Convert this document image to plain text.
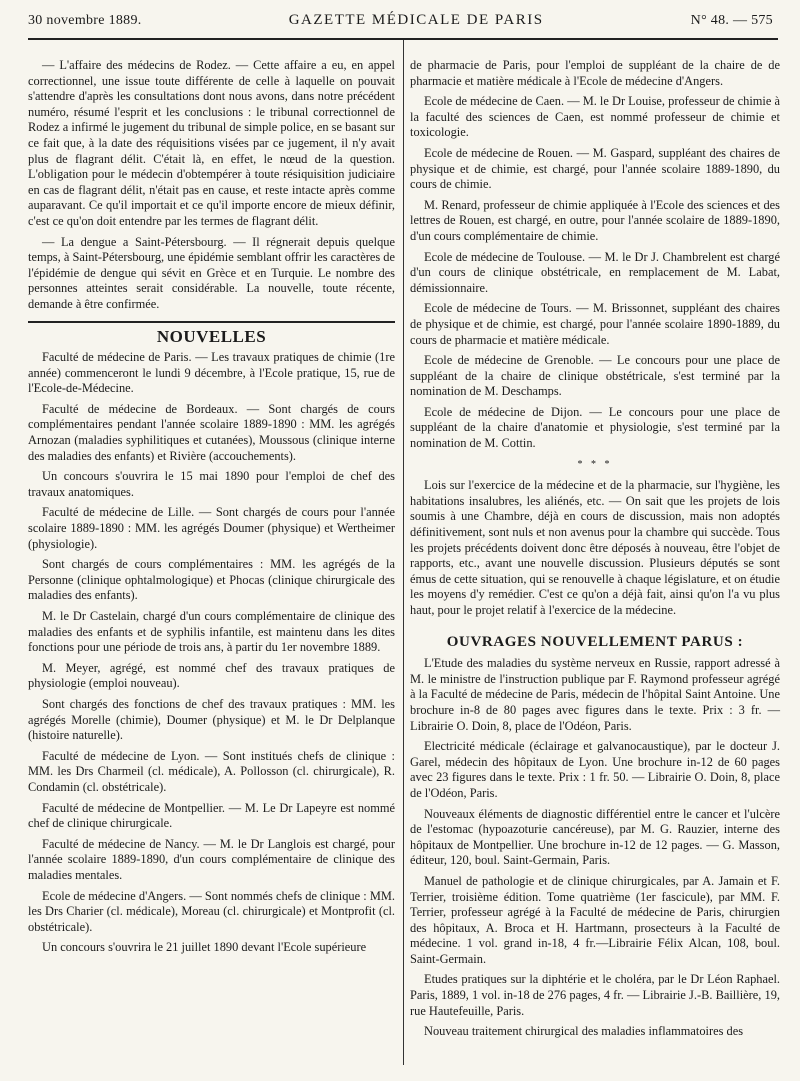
30 novembre 1889.	GAZETTE MÉDICALE DE PARIS	N° 48. — 575

— L'affaire des médecins de Rodez. — Cette affaire a eu, en appel correctionnel, une issue toute différente de celle à laquelle on pouvait s'attendre d'après les consultations dont nous avons, dans notre précédent numéro, résumé l'esprit et les conclusions : le tribunal correctionnel de Rodez a infirmé le jugement du tribunal de simple police, en se basant sur ce fait que, à la date des réquisitions visées par ce jugement, il n'y avait plus de flagrant délit. C'était là, en effet, le nœud de la question. L'obligation pour le médecin d'obtempérer à toute résiquisition judiciaire en cas de flagrant délit, n'était pas en cause, et reste intacte après comme auparavant. Ce qu'il importait et ce qu'il importe encore de mieux définir, c'est ce qu'on doit entendre par les termes de flagrant délit.

— La dengue a Saint-Pétersbourg. — Il régnerait depuis quelque temps, à Saint-Pétersbourg, une épidémie semblant offrir les caractères de l'épidémie de dengue qui sévit en Grèce et en Turquie. Le nombre des personnes atteintes serait considérable. La nouvelle, toute récente, demande à être confirmée.

NOUVELLES

Faculté de médecine de Paris. — Les travaux pratiques de chimie (1re année) commenceront le lundi 9 décembre, à l'Ecole pratique, 15, rue de l'Ecole-de-Médecine.

Faculté de médecine de Bordeaux. — Sont chargés de cours complémentaires pendant l'année scolaire 1889-1890 : MM. les agrégés Arnozan (maladies syphilitiques et cutanées), Moussous (clinique interne des maladies des enfants) et Rivière (accouchements).

Un concours s'ouvrira le 15 mai 1890 pour l'emploi de chef des travaux anatomiques.

Faculté de médecine de Lille. — Sont chargés de cours pour l'année scolaire 1889-1890 : MM. les agrégés Doumer (physique) et Wertheimer (physiologie).

Sont chargés de cours complémentaires : MM. les agrégés de la Personne (clinique ophtalmologique) et Phocas (clinique chirurgicale des maladies des enfants).

M. le Dr Castelain, chargé d'un cours complémentaire de clinique des maladies des enfants et de syphilis infantile, est maintenu dans les dites fonctions pour une période de trois ans, à partir du 1er novembre 1889.

M. Meyer, agrégé, est nommé chef des travaux pratiques de physiologie (emploi nouveau).

Sont chargés des fonctions de chef des travaux pratiques : MM. les agrégés Morelle (chimie), Doumer (physique) et M. le Dr Delplanque (histoire naturelle).

Faculté de médecine de Lyon. — Sont institués chefs de clinique : MM. les Drs Charmeil (cl. médicale), A. Pollosson (cl. chirurgicale), R. Condamin (cl. obstétricale).

Faculté de médecine de Montpellier. — M. Le Dr Lapeyre est nommé chef de clinique chirurgicale.

Faculté de médecine de Nancy. — M. le Dr Langlois est chargé, pour l'année scolaire 1889-1890, d'un cours complémentaire de clinique des maladies mentales.

Ecole de médecine d'Angers. — Sont nommés chefs de clinique : MM. les Drs Charier (cl. médicale), Moreau (cl. chirurgicale) et Montprofit (cl. obstétricale).

Un concours s'ouvrira le 21 juillet 1890 devant l'Ecole supérieure

de pharmacie de Paris, pour l'emploi de suppléant de la chaire de de pharmacie et matière médicale à l'Ecole de médecine d'Angers.

Ecole de médecine de Caen. — M. le Dr Louise, professeur de chimie à la faculté des sciences de Caen, est nommé professeur de chimie et toxicologie.

Ecole de médecine de Rouen. — M. Gaspard, suppléant des chaires de physique et de chimie, est chargé, pour l'année scolaire 1889-1890, du cours de chimie.

M. Renard, professeur de chimie appliquée à l'Ecole des sciences et des lettres de Rouen, est chargé, en outre, pour l'année scolaire de 1889-1890, d'un cours complémentaire de chimie.

Ecole de médecine de Toulouse. — M. le Dr J. Chambrelent est chargé d'un cours de clinique obstétricale, en remplacement de M. Labat, démissionnaire.

Ecole de médecine de Tours. — M. Brissonnet, suppléant des chaires de physique et de chimie, est chargé, pour l'année scolaire 1890-1889, du cours de pharmacie et matière médicale.

Ecole de médecine de Grenoble. — Le concours pour une place de suppléant de la chaire de clinique obstétricale, s'est terminé par la nomination de M. Deschamps.

Ecole de médecine de Dijon. — Le concours pour une place de suppléant de la chaire d'anatomie et physiologie, s'est terminé par la nomination de M. Cottin.

* * *

Lois sur l'exercice de la médecine et de la pharmacie, sur l'hygiène, les habitations insalubres, les aliénés, etc. — On sait que les projets de lois soumis à une Chambre, déjà en cours de discussion, mais non adoptés définitivement, sont nuls et non avenus pour la chambre qui succède. Tous les projets précédents doivent donc être déposés à nouveau, être l'objet de rapports, etc., avant une nouvelle discussion. Plusieurs députés se sont émus de cette situation, qui se renouvelle à chaque législature, et on étudie les moyens d'y remédier. C'est ce qu'on a déjà fait, ainsi qu'on l'a vu plus haut, pour le projet relatif à l'exercice de la médecine.

OUVRAGES NOUVELLEMENT PARUS :

L'Etude des maladies du système nerveux en Russie, rapport adressé à M. le ministre de l'instruction publique par F. Raymond professeur agrégé à la Faculté de médecine de Paris, médecin de l'hôpital Saint Antoine. Une brochure in-8 de 80 pages avec figures dans le texte. Prix : 3 fr. — Librairie O. Doin, 8, place de l'Odéon, Paris.

Electricité médicale (éclairage et galvanocaustique), par le docteur J. Garel, médecin des hôpitaux de Lyon. Une brochure in-12 de 60 pages avec 23 figures dans le texte. Prix : 1 fr. 50. — Librairie O. Doin, 8, place de l'Odéon, Paris.

Nouveaux éléments de diagnostic différentiel entre le cancer et l'ulcère de l'estomac (hypoazoturie cancéreuse), par M. G. Rauzier, interne des hôpitaux de Montpellier. Une brochure in-12 de 12 pages. — G. Masson, éditeur, 120, boul. Saint-Germain, Paris.

Manuel de pathologie et de clinique chirurgicales, par A. Jamain et F. Terrier, troisième édition. Tome quatrième (1er fascicule), par MM. F. Terrier, professeur agrégé à la Faculté de médecine de Paris, chirurgien des hôpitaux, A. Broca et H. Hartmann, prosecteurs à la Faculté de médecine. 1 vol. grand in-18, 4 fr.—Librairie Félix Alcan, 108, boul. Saint-Germain.

Etudes pratiques sur la diphtérie et le choléra, par le Dr Léon Raphael. Paris, 1889, 1 vol. in-18 de 276 pages, 4 fr. — Librairie J.-B. Baillière, 19, rue Hautefeuille, Paris.

Nouveau traitement chirurgical des maladies inflammatoires des
